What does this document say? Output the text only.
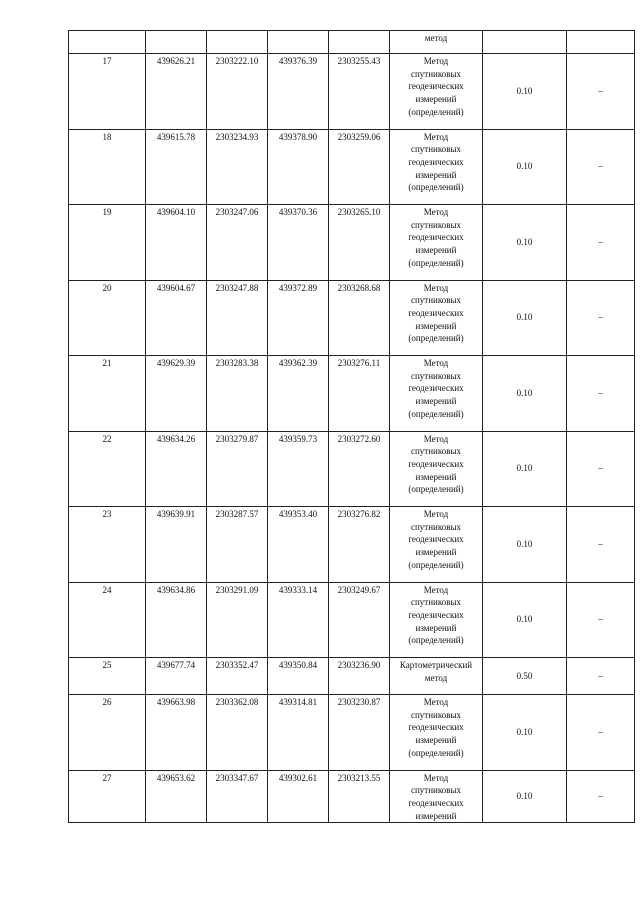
					метод		

17	439626.21	2303222.10	439376.39	2303255.43	Метод
спутниковых
геодезических
измерений
(определений)	0.10	–
18	439615.78	2303234.93	439378.90	2303259.06	Метод
спутниковых
геодезических
измерений
(определений)	0.10	–
19	439604.10	2303247.06	439370.36	2303265.10	Метод
спутниковых
геодезических
измерений
(определений)	0.10	–
20	439604.67	2303247.88	439372.89	2303268.68	Метод
спутниковых
геодезических
измерений
(определений)	0.10	–
21	439629.39	2303283.38	439362.39	2303276.11	Метод
спутниковых
геодезических
измерений
(определений)	0.10	–
22	439634.26	2303279.87	439359.73	2303272.60	Метод
спутниковых
геодезических
измерений
(определений)	0.10	–
23	439639.91	2303287.57	439353.40	2303276.82	Метод
спутниковых
геодезических
измерений
(определений)	0.10	–
24	439634.86	2303291.09	439333.14	2303249.67	Метод
спутниковых
геодезических
измерений
(определений)	0.10	–
25	439677.74	2303352.47	439350.84	2303236.90	Картометрический
метод	0.50	–
26	439663.98	2303362.08	439314.81	2303230.87	Метод
спутниковых
геодезических
измерений
(определений)	0.10	–
27	439653.62	2303347.67	439302.61	2303213.55	Метод
спутниковых
геодезических
измерений	0.10	–
